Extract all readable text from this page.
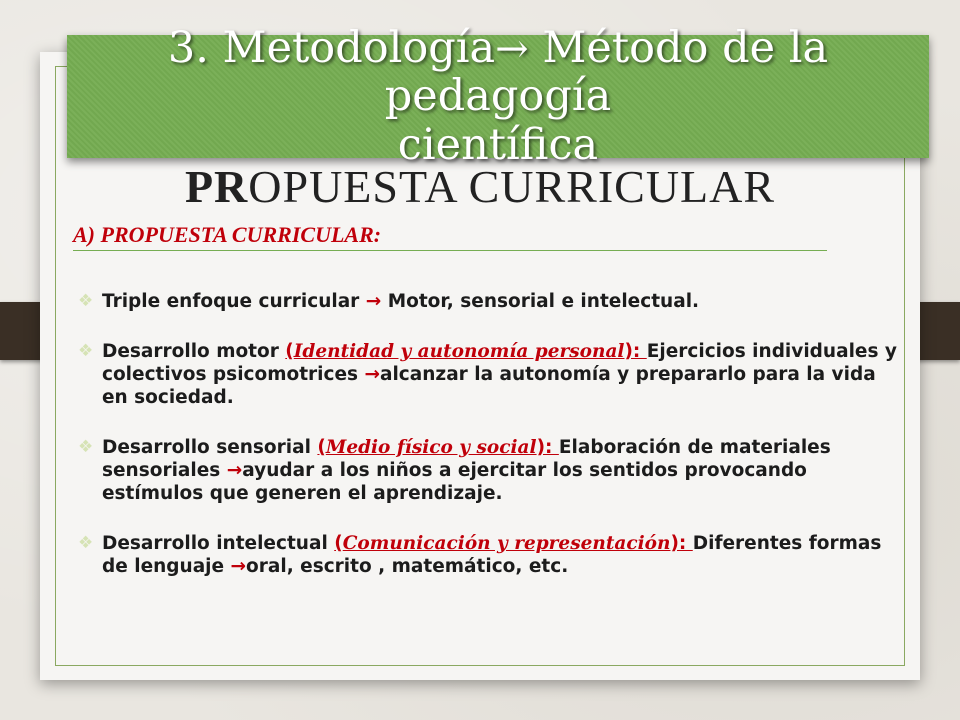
3. Metodología→ Método de la pedagogía
científica
PROPUESTA CURRICULAR
A) PROPUESTA CURRICULAR:
❖ Triple enfoque curricular → Motor, sensorial e intelectual.
❖ Desarrollo motor (Identidad y autonomía personal): Ejercicios individuales y colectivos psicomotrices →alcanzar la autonomía y prepararlo para la vida en sociedad.
❖ Desarrollo sensorial (Medio físico y social): Elaboración de materiales sensoriales →ayudar a los niños a ejercitar los sentidos provocando estímulos que generen el aprendizaje.
❖ Desarrollo intelectual (Comunicación y representación): Diferentes formas de lenguaje →oral, escrito , matemático, etc.
